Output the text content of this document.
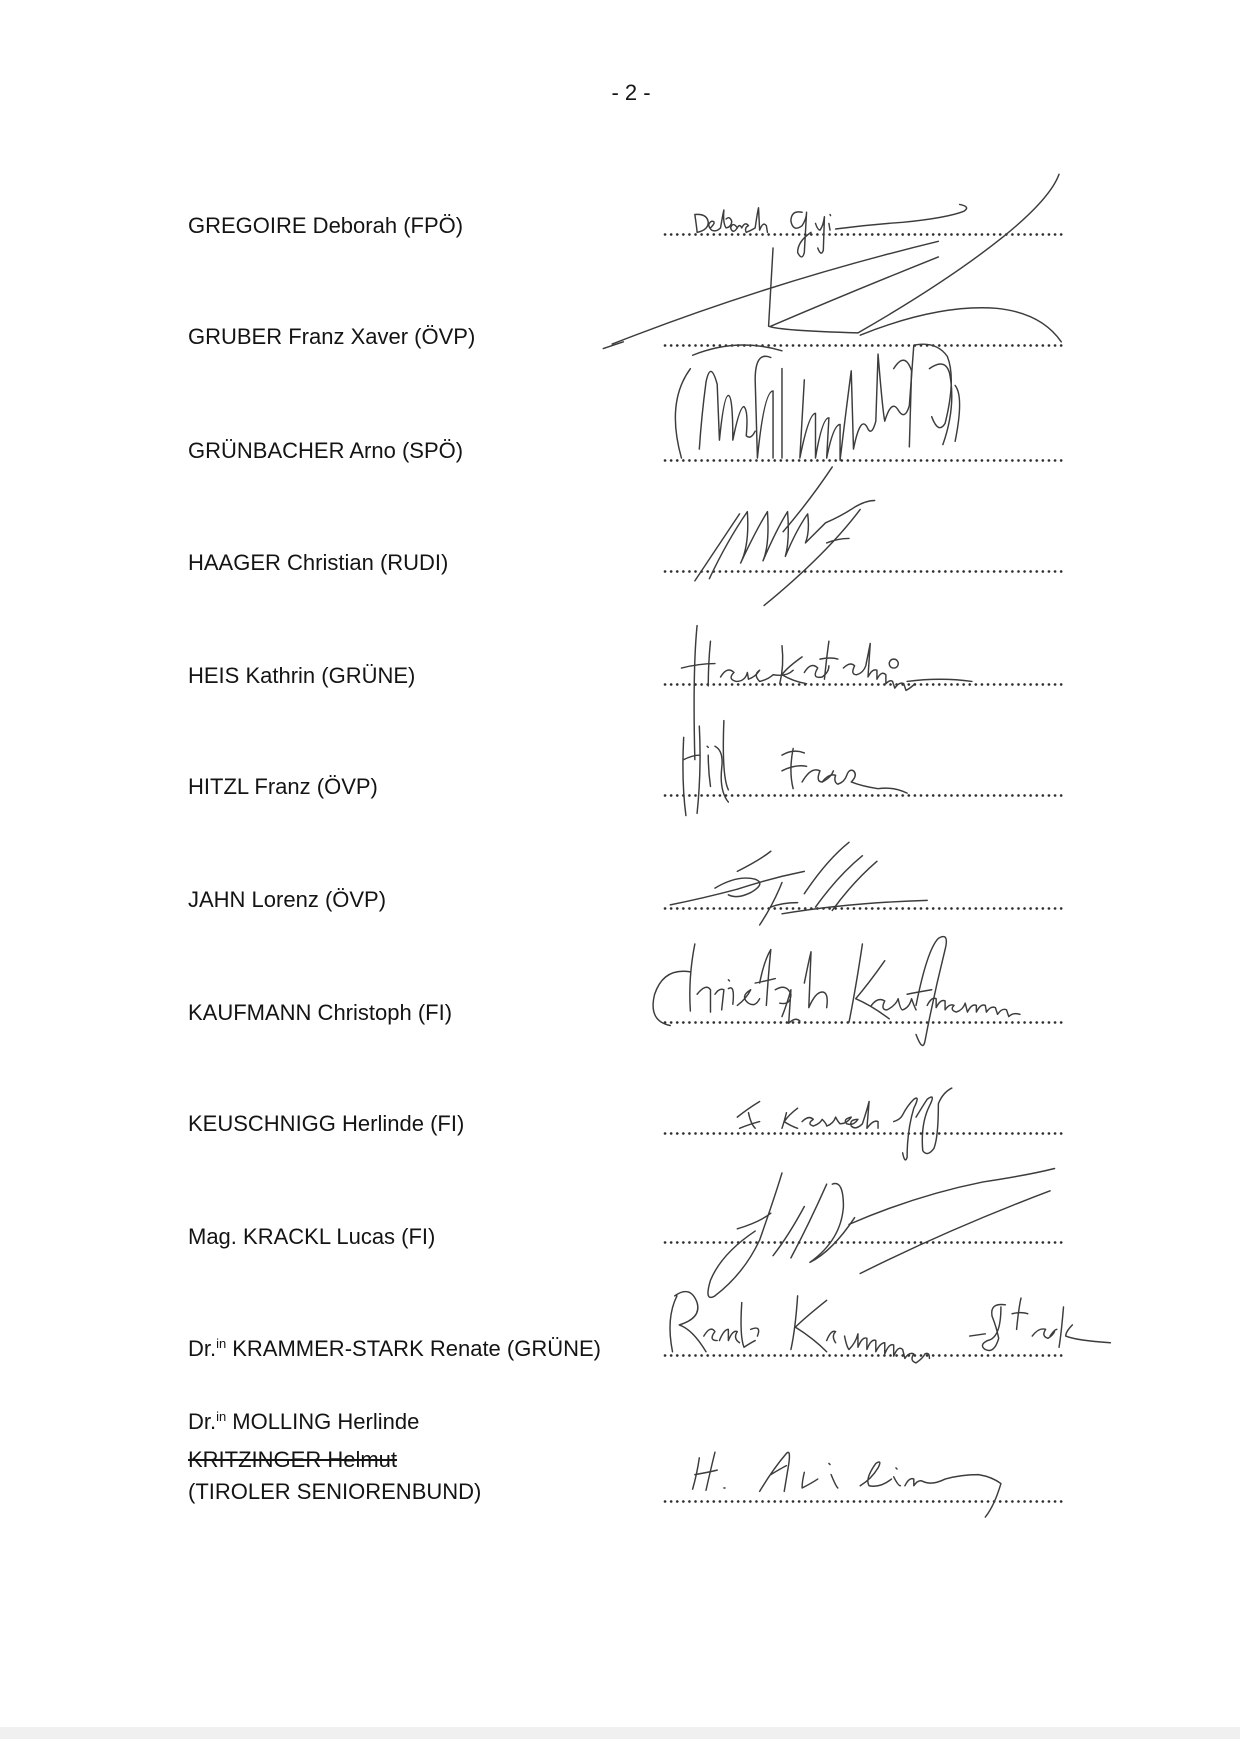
- 2 -
GREGOIRE Deborah (FPÖ)
GRUBER Franz Xaver (ÖVP)
GRÜNBACHER Arno (SPÖ)
HAAGER Christian (RUDI)
HEIS Kathrin (GRÜNE)
HITZL Franz (ÖVP)
JAHN Lorenz (ÖVP)
KAUFMANN Christoph (FI)
KEUSCHNIGG Herlinde (FI)
Mag. KRACKL Lucas (FI)
Dr.$^{in}$ KRAMMER-STARK Renate (GRÜNE)
Dr.$^{in}$ MOLLING Herlinde
KRITZINGER Helmut
(TIROLER SENIORENBUND)
